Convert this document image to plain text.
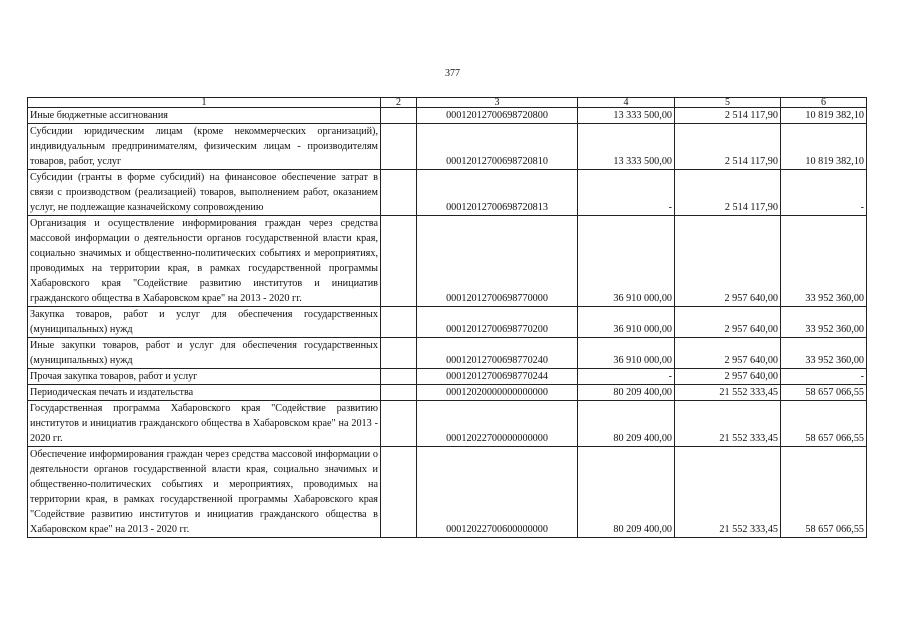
377
1	2	3	4	5	6
Иные бюджетные ассигнования		00012012700698720800	13 333 500,00	2 514 117,90	10 819 382,10
Субсидии юридическим лицам (кроме некоммерческих организаций), индивидуальным предпринимателям, физическим лицам - производителям товаров, работ, услуг		00012012700698720810	13 333 500,00	2 514 117,90	10 819 382,10
Субсидии (гранты в форме субсидий) на финансовое обеспечение затрат в связи с производством (реализацией) товаров, выполнением работ, оказанием услуг, не подлежащие казначейскому сопровождению		00012012700698720813	-	2 514 117,90	-
Организация и осуществление информирования граждан через средства массовой информации о деятельности органов государственной власти края, социально значимых и общественно-политических событиях и мероприятиях, проводимых на территории края, в рамках государственной программы Хабаровского края "Содействие развитию институтов и инициатив гражданского общества в Хабаровском крае" на 2013 - 2020 гг.		00012012700698770000	36 910 000,00	2 957 640,00	33 952 360,00
Закупка товаров, работ и услуг для обеспечения государственных (муниципальных) нужд		00012012700698770200	36 910 000,00	2 957 640,00	33 952 360,00
Иные закупки товаров, работ и услуг для обеспечения государственных (муниципальных) нужд		00012012700698770240	36 910 000,00	2 957 640,00	33 952 360,00
Прочая закупка товаров, работ и услуг		00012012700698770244	-	2 957 640,00	-
Периодическая печать и издательства		00012020000000000000	80 209 400,00	21 552 333,45	58 657 066,55
Государственная программа Хабаровского края "Содействие развитию институтов и инициатив гражданского общества в Хабаровском крае" на 2013 - 2020 гг.		00012022700000000000	80 209 400,00	21 552 333,45	58 657 066,55
Обеспечение информирования граждан через средства массовой информации о деятельности органов государственной власти края, социально значимых и общественно-политических событиях и мероприятиях, проводимых на территории края, в рамках государственной программы Хабаровского края "Содействие развитию институтов и инициатив гражданского общества в Хабаровском крае" на 2013 - 2020 гг.		00012022700600000000	80 209 400,00	21 552 333,45	58 657 066,55
